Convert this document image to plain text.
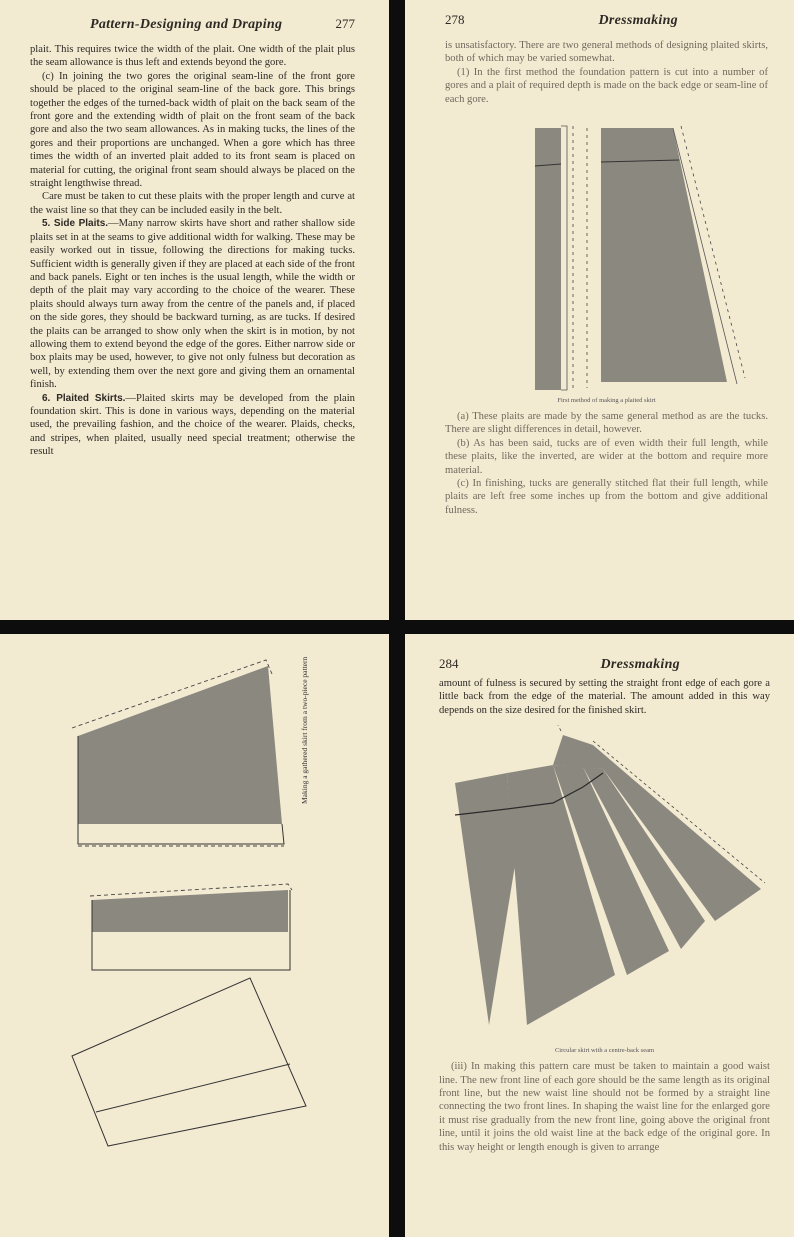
Pattern-Designing and Draping	277

plait. This requires twice the width of the plait. One width of the plait plus the seam allowance is thus left and extends beyond the gore.
(c) In joining the two gores the original seam-line of the front gore should be placed to the original seam-line of the back gore. This brings together the edges of the turned-back width of plait on the back seam of the front gore and the extending width of plait on the front seam of the back gore and also the two seam allowances. As in making tucks, the lines of the gores and their proportions are unchanged. When a gore which has three times the width of an inverted plait added to its front seam is placed on material for cutting, the original front seam should always be placed on the straight lengthwise thread.
Care must be taken to cut these plaits with the proper length and curve at the waist line so that they can be included easily in the belt.
5. Side Plaits.—Many narrow skirts have short and rather shallow side plaits set in at the seams to give additional width for walking. These may be easily worked out in tissue, following the directions for making tucks. Sufficient width is generally given if they are placed at each side of the front and back panels. Eight or ten inches is the usual length, while the width or depth of the plait may vary according to the choice of the wearer. These plaits should always turn away from the centre of the panels and, if placed on the side gores, they should be backward turning, as are tucks. If desired the plaits can be arranged to show only when the skirt is in motion, by not allowing them to extend beyond the edge of the gores. Either narrow side or box plaits may be used, however, to give not only fulness but decoration as well, by extending them over the next gore and giving them an ornamental finish.
6. Plaited Skirts.—Plaited skirts may be developed from the plain foundation skirt. This is done in various ways, depending on the material used, the prevailing fashion, and the choice of the wearer. Plaids, checks, and stripes, when plaited, usually need special treatment; otherwise the result

278	Dressmaking

is unsatisfactory. There are two general methods of designing plaited skirts, both of which may be varied somewhat.
(1) In the first method the foundation pattern is cut into a number of gores and a plait of required depth is made on the back edge or seam-line of each gore.

First method of making a plaited skirt

(a) These plaits are made by the same general method as are the tucks. There are slight differences in detail, however.
(b) As has been said, tucks are of even width their full length, while these plaits, like the inverted, are wider at the bottom and require more material.
(c) In finishing, tucks are generally stitched flat their full length, while plaits are left free some inches up from the bottom and give additional fulness.

Making a gathered skirt from a two-piece pattern	284	Dressmaking

amount of fulness is secured by setting the straight front edge of each gore a little back from the edge of the material. The amount added in this way depends on the size desired for the finished skirt.

Circular skirt with a centre-back seam

(iii) In making this pattern care must be taken to maintain a good waist line. The new front line of each gore should be the same length as its original front line, but the new waist line should not be formed by a straight line connecting the two front lines. In shaping the waist line for the enlarged gore it must rise gradually from the new front line, going above the original front line, until it joins the old waist line at the back edge of the original gore. In this way height or length enough is given to arrange
